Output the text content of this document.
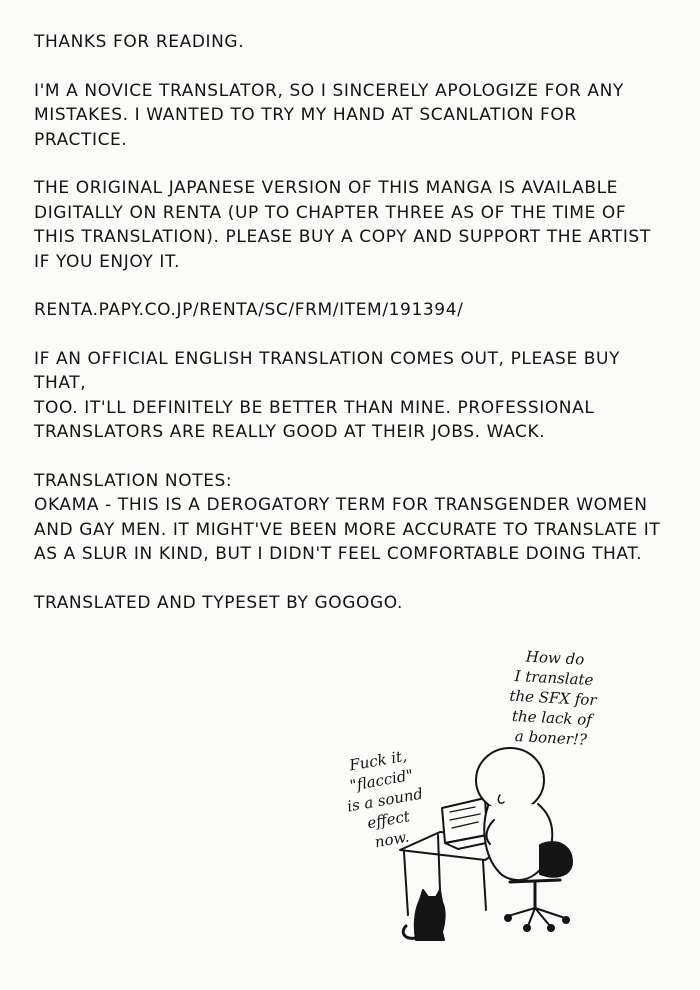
THANKS FOR READING.

I'M A NOVICE TRANSLATOR, SO I SINCERELY APOLOGIZE FOR ANY
MISTAKES. I WANTED TO TRY MY HAND AT SCANLATION FOR
PRACTICE.

THE ORIGINAL JAPANESE VERSION OF THIS MANGA IS AVAILABLE
DIGITALLY ON RENTA (UP TO CHAPTER THREE AS OF THE TIME OF
THIS TRANSLATION). PLEASE BUY A COPY AND SUPPORT THE ARTIST
IF YOU ENJOY IT.

RENTA.PAPY.CO.JP/RENTA/SC/FRM/ITEM/191394/

IF AN OFFICIAL ENGLISH TRANSLATION COMES OUT, PLEASE BUY THAT,
TOO. IT'LL DEFINITELY BE BETTER THAN MINE. PROFESSIONAL
TRANSLATORS ARE REALLY GOOD AT THEIR JOBS. WACK.

TRANSLATION NOTES:
OKAMA - THIS IS A DEROGATORY TERM FOR TRANSGENDER WOMEN
AND GAY MEN. IT MIGHT'VE BEEN MORE ACCURATE TO TRANSLATE IT
AS A SLUR IN KIND, BUT I DIDN'T FEEL COMFORTABLE DOING THAT.

TRANSLATED AND TYPESET BY GOGOGO.

How do
I translate
the SFX for
the lack of
a boner!?
Fuck it,
"flaccid"
is a sound
effect
now.
